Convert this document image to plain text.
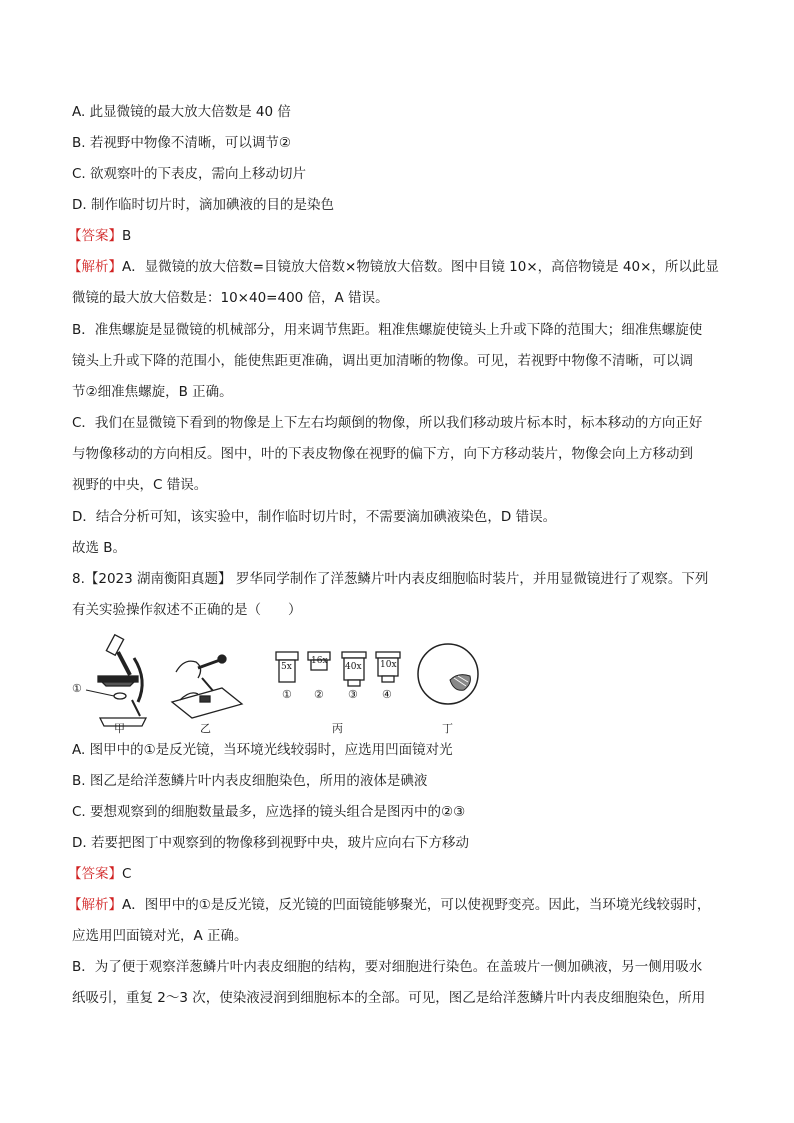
A. 此显微镜的最大放大倍数是 40 倍
B. 若视野中物像不清晰，可以调节②
C. 欲观察叶的下表皮，需向上移动切片
D. 制作临时切片时，滴加碘液的目的是染色
【答案】B
【解析】A．显微镜的放大倍数=目镜放大倍数×物镜放大倍数。图中目镜 10×，高倍物镜是 40×，所以此显
微镜的最大放大倍数是：10×40=400 倍，A 错误。
B．准焦螺旋是显微镜的机械部分，用来调节焦距。粗准焦螺旋使镜头上升或下降的范围大；细准焦螺旋使
镜头上升或下降的范围小，能使焦距更准确，调出更加清晰的物像。可见，若视野中物像不清晰，可以调
节②细准焦螺旋，B 正确。
C．我们在显微镜下看到的物像是上下左右均颠倒的物像，所以我们移动玻片标本时，标本移动的方向正好
与物像移动的方向相反。图中，叶的下表皮物像在视野的偏下方，向下方移动装片，物像会向上方移动到
视野的中央，C 错误。
D．结合分析可知，该实验中，制作临时切片时，不需要滴加碘液染色，D 错误。
故选 B。
8.【2023 湖南衡阳真题】 罗华同学制作了洋葱鳞片叶内表皮细胞临时装片，并用显微镜进行了观察。下列
有关实验操作叙述不正确的是（　　）
①
5x
16x
40x 10x
① ② ③ ④
甲	乙	丙	丁
A. 图甲中的①是反光镜，当环境光线较弱时，应选用凹面镜对光
B. 图乙是给洋葱鳞片叶内表皮细胞染色，所用的液体是碘液
C. 要想观察到的细胞数量最多，应选择的镜头组合是图丙中的②③
D. 若要把图丁中观察到的物像移到视野中央，玻片应向右下方移动
【答案】C
【解析】A．图甲中的①是反光镜，反光镜的凹面镜能够聚光，可以使视野变亮。因此，当环境光线较弱时，
应选用凹面镜对光，A 正确。
B．为了便于观察洋葱鳞片叶内表皮细胞的结构，要对细胞进行染色。在盖玻片一侧加碘液，另一侧用吸水
纸吸引，重复 2～3 次，使染液浸润到细胞标本的全部。可见，图乙是给洋葱鳞片叶内表皮细胞染色，所用
